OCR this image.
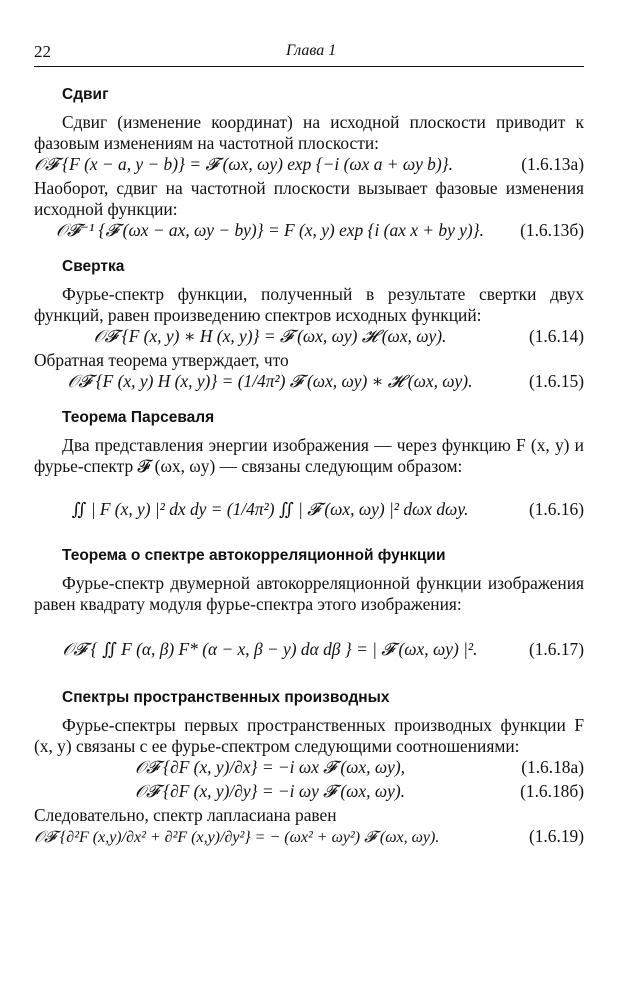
22	Глава 1
Сдвиг

Сдвиг (изменение координат) на исходной плоскости приводит к фазовым изменениям на частотной плоскости:

𝒪𝓕 {F (x − a, y − b)} = 𝓕 (ωx, ωy) exp {−i (ωx a + ωy b)}.	(1.6.13а)

Наоборот, сдвиг на частотной плоскости вызывает фазовые изменения исходной функции:

𝒪𝓕⁻¹ {𝓕 (ωx − ax, ωy − by)} = F (x, y) exp {i (ax x + by y)}.	(1.6.13б)
Свертка

Фурье-спектр функции, полученный в результате свертки двух функций, равен произведению спектров исходных функций:

𝒪𝓕 {F (x, y) ∗ H (x, y)} = 𝓕 (ωx, ωy) 𝓗 (ωx, ωy).	(1.6.14)

Обратная теорема утверждает, что

𝒪𝓕 {F (x, y) H (x, y)} = (1/4π²) 𝓕 (ωx, ωy) ∗ 𝓗 (ωx, ωy).	(1.6.15)
Теорема Парсеваля

Два представления энергии изображения — через функцию F (x, y) и фурье-спектр 𝓕 (ωx, ωy) — связаны следующим образом:

∬ | F (x, y) |² dx dy = (1/4π²) ∬ | 𝓕 (ωx, ωy) |² dωx dωy.	(1.6.16)
Теорема о спектре автокорреляционной функции

Фурье-спектр двумерной автокорреляционной функции изображения равен квадрату модуля фурье-спектра этого изображения:

𝒪𝓕 { ∬ F (α, β) F* (α − x, β − y) dα dβ } = | 𝓕 (ωx, ωy) |².	(1.6.17)
Спектры пространственных производных

Фурье-спектры первых пространственных производных функции F (x, y) связаны с ее фурье-спектром следующими соотношениями:

𝒪𝓕 {∂F (x, y)/∂x} = −i ωx 𝓕 (ωx, ωy),	(1.6.18а)
𝒪𝓕 {∂F (x, y)/∂y} = −i ωy 𝓕 (ωx, ωy).	(1.6.18б)

Следовательно, спектр лапласиана равен

𝒪𝓕 {∂²F (x,y)/∂x² + ∂²F (x,y)/∂y²} = − (ωx² + ωy²) 𝓕 (ωx, ωy).	(1.6.19)
